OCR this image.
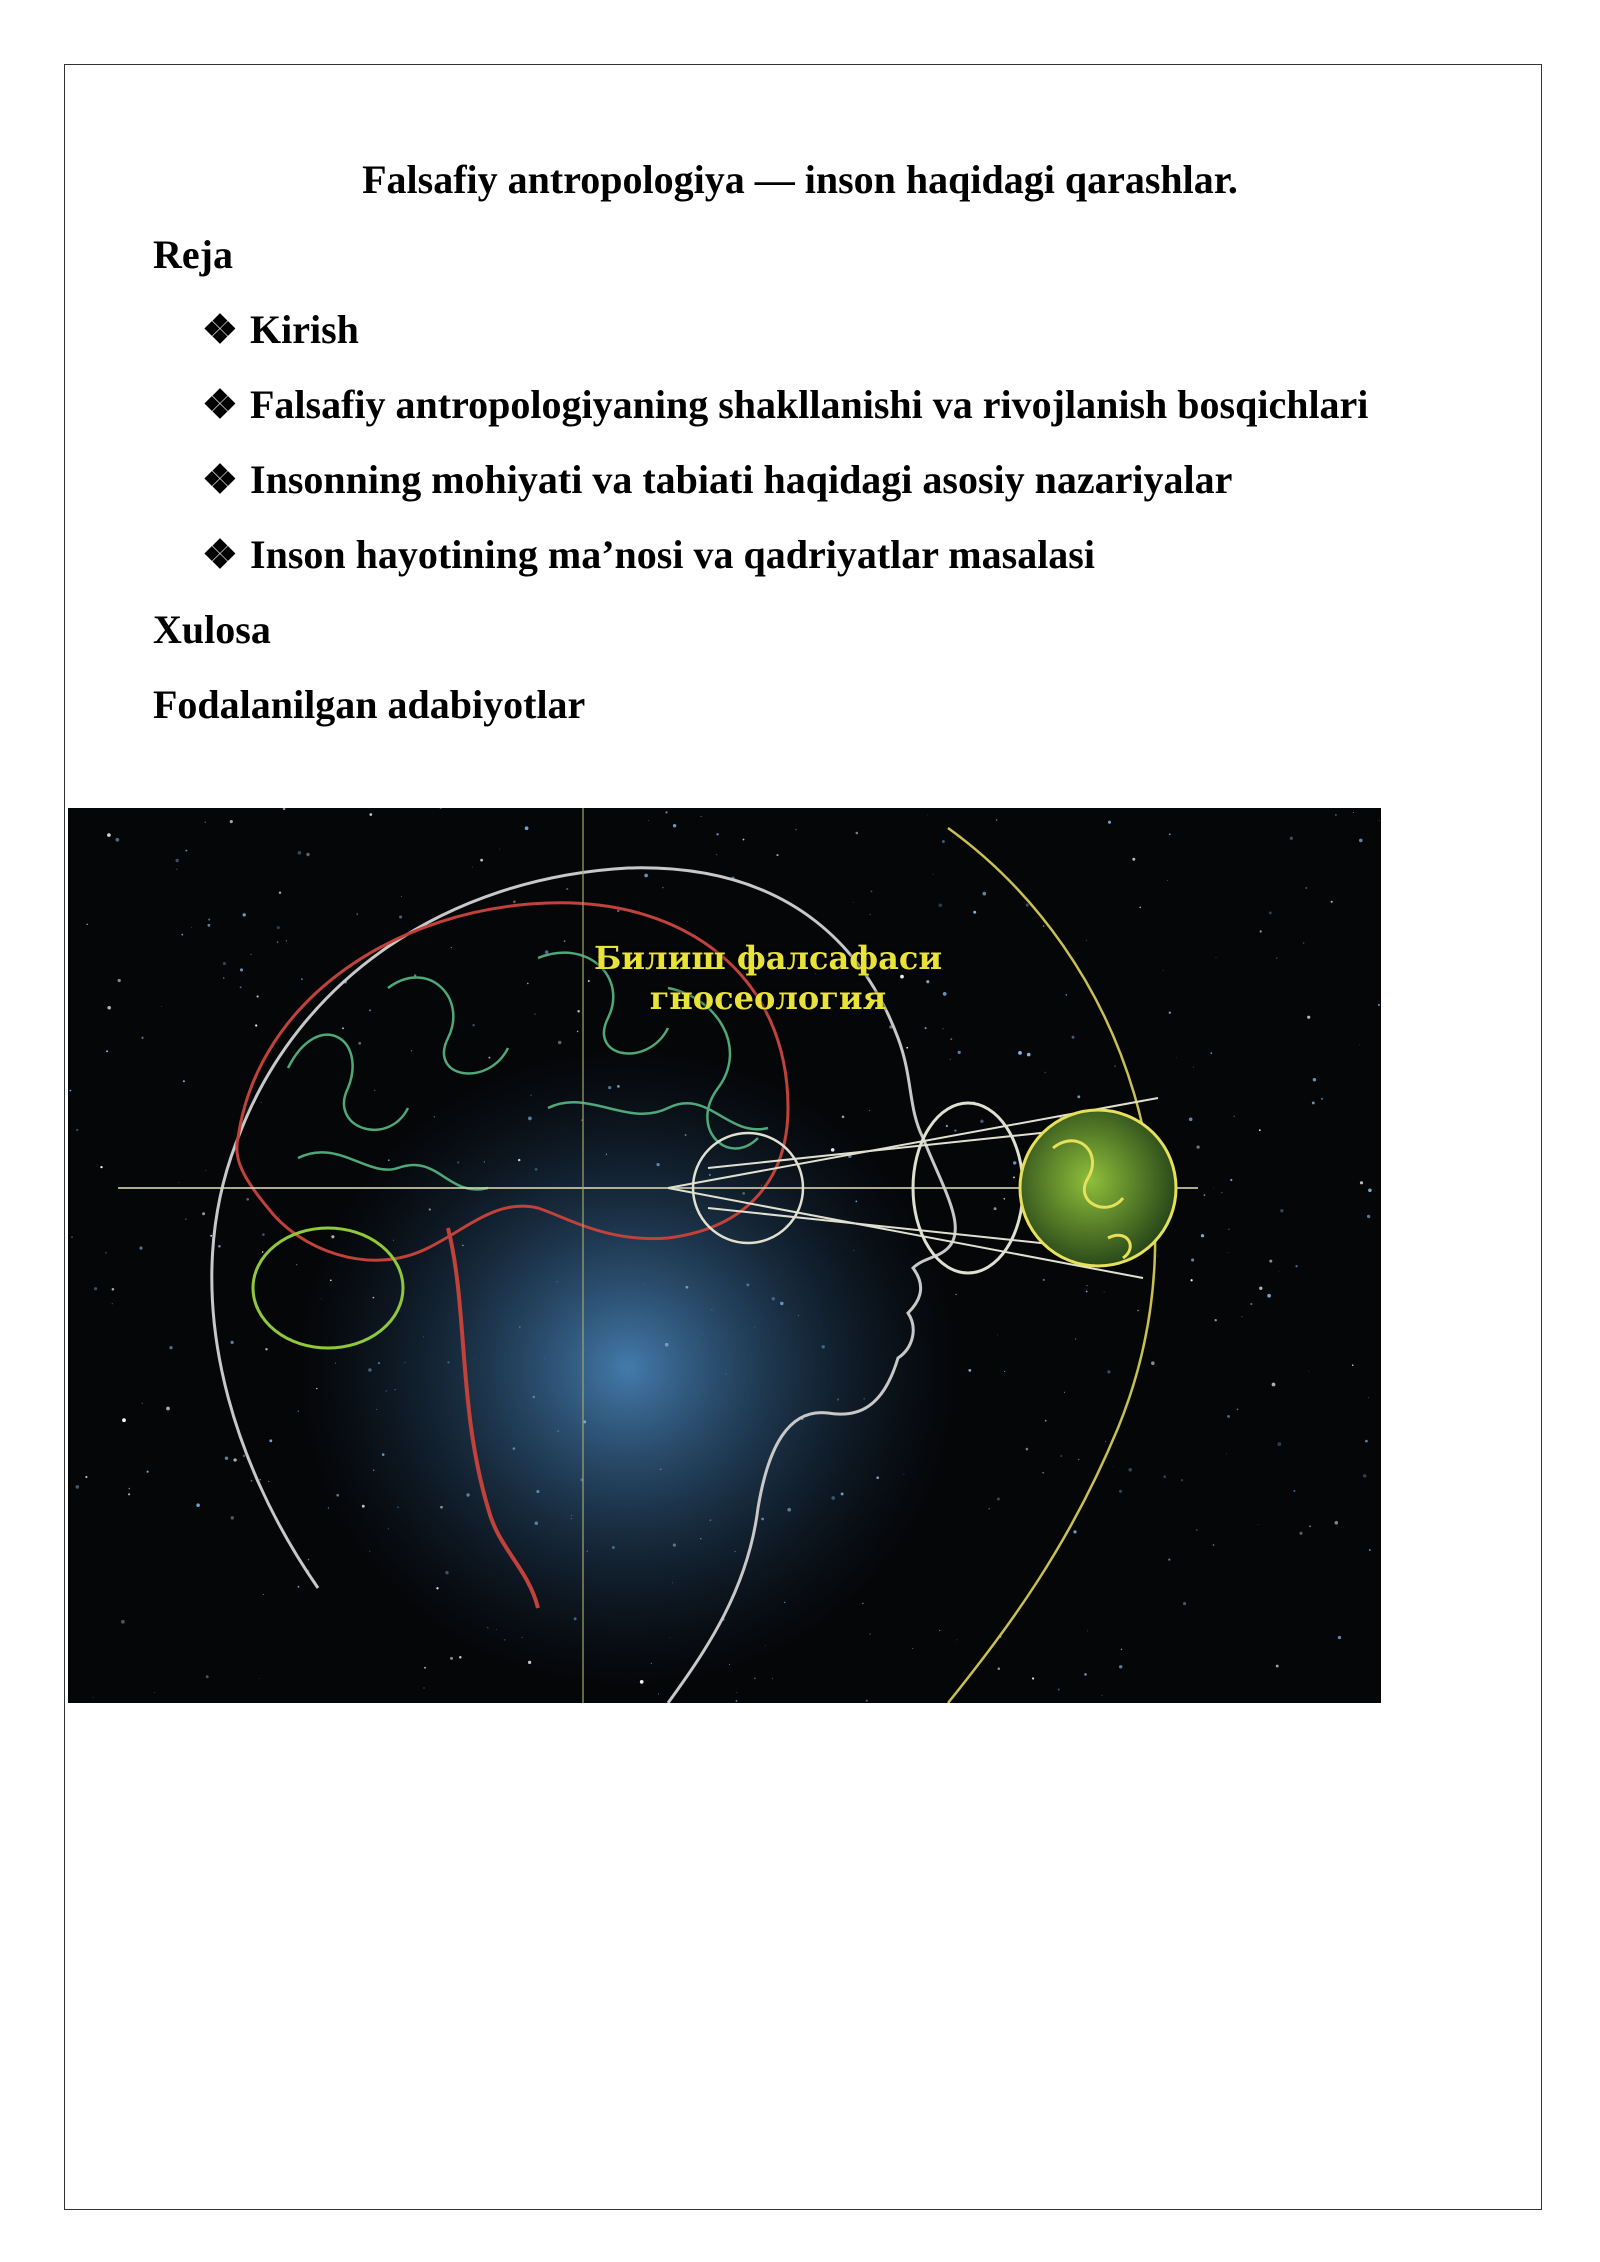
Falsafiy antropologiya — inson haqidagi qarashlar.
Reja
❖ Kirish
❖ Falsafiy antropologiyaning shakllanishi va rivojlanish bosqichlari
❖ Insonning mohiyati va tabiati haqidagi asosiy nazariyalar
❖ Inson hayotining ma’nosi va qadriyatlar masalasi
Xulosa
Fodalanilgan adabiyotlar
Билиш фалсафаси
гносеология
